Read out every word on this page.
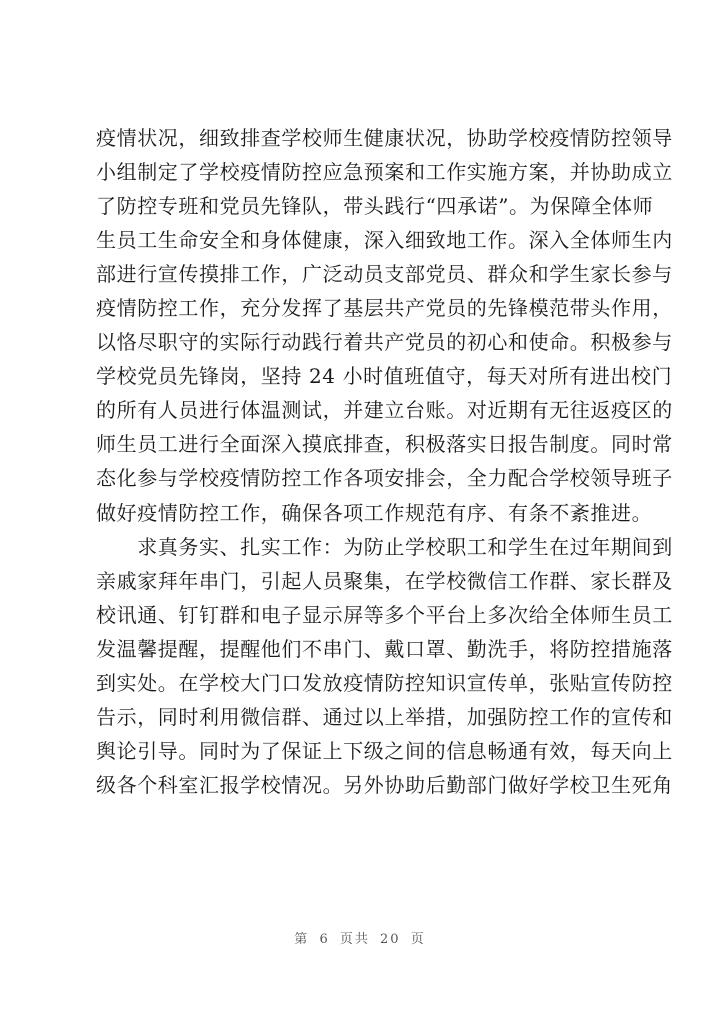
疫情状况，细致排查学校师生健康状况，协助学校疫情防控领导
小组制定了学校疫情防控应急预案和工作实施方案，并协助成立
了防控专班和党员先锋队，带头践行“四承诺”。为保障全体师
生员工生命安全和身体健康，深入细致地工作。深入全体师生内
部进行宣传摸排工作，广泛动员支部党员、群众和学生家长参与
疫情防控工作，充分发挥了基层共产党员的先锋模范带头作用，
以恪尽职守的实际行动践行着共产党员的初心和使命。积极参与
学校党员先锋岗，坚持 24 小时值班值守，每天对所有进出校门
的所有人员进行体温测试，并建立台账。对近期有无往返疫区的
师生员工进行全面深入摸底排查，积极落实日报告制度。同时常
态化参与学校疫情防控工作各项安排会，全力配合学校领导班子
做好疫情防控工作，确保各项工作规范有序、有条不紊推进。
　　求真务实、扎实工作：为防止学校职工和学生在过年期间到
亲戚家拜年串门，引起人员聚集，在学校微信工作群、家长群及
校讯通、钉钉群和电子显示屏等多个平台上多次给全体师生员工
发温馨提醒，提醒他们不串门、戴口罩、勤洗手，将防控措施落
到实处。在学校大门口发放疫情防控知识宣传单，张贴宣传防控
告示，同时利用微信群、通过以上举措，加强防控工作的宣传和
舆论引导。同时为了保证上下级之间的信息畅通有效，每天向上
级各个科室汇报学校情况。另外协助后勤部门做好学校卫生死角
第 6 页共 20 页
